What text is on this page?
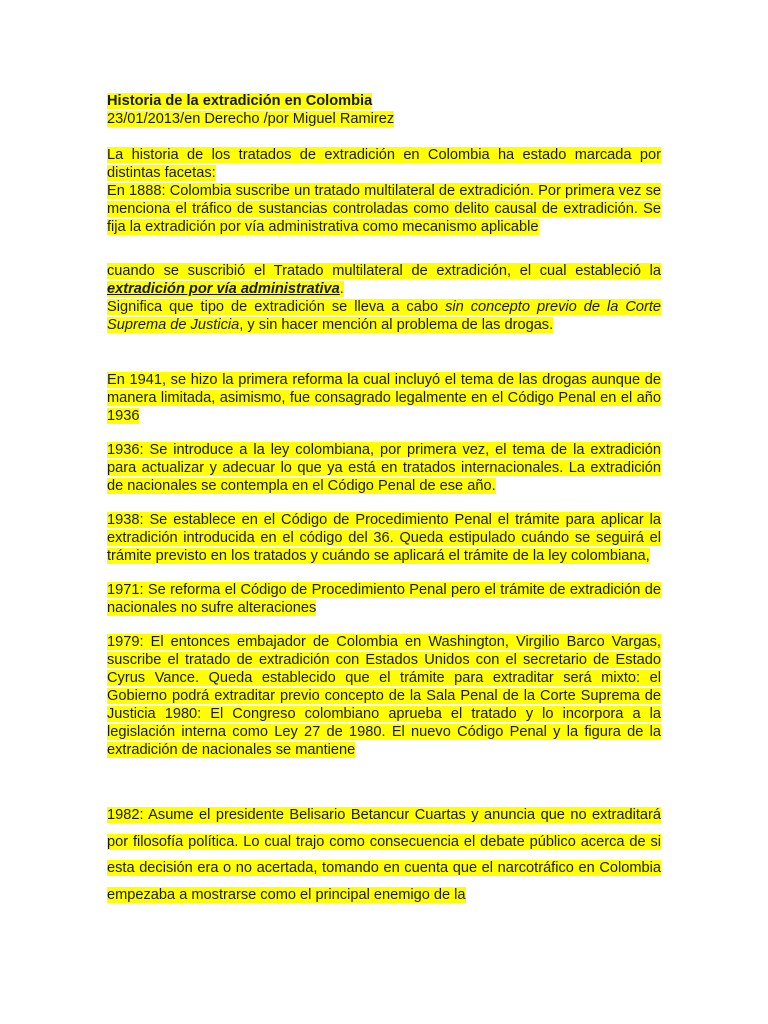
Historia de la extradición en Colombia
23/01/2013/en Derecho /por Miguel Ramirez

La historia de los tratados de extradición en Colombia ha estado marcada por distintas facetas:
En 1888: Colombia suscribe un tratado multilateral de extradición. Por primera vez se menciona el tráfico de sustancias controladas como delito causal de extradición. Se fija la extradición por vía administrativa como mecanismo aplicable

cuando se suscribió el Tratado multilateral de extradición, el cual estableció la extradición por vía administrativa.
Significa que tipo de extradición se lleva a cabo sin concepto previo de la Corte Suprema de Justicia, y sin hacer mención al problema de las drogas.

En 1941, se hizo la primera reforma la cual incluyó el tema de las drogas aunque de manera limitada, asimismo, fue consagrado legalmente en el Código Penal en el año 1936

1936: Se introduce a la ley colombiana, por primera vez, el tema de la extradición para actualizar y adecuar lo que ya está en tratados internacionales. La extradición de nacionales se contempla en el Código Penal de ese año.

1938: Se establece en el Código de Procedimiento Penal el trámite para aplicar la extradición introducida en el código del 36. Queda estipulado cuándo se seguirá el trámite previsto en los tratados y cuándo se aplicará el trámite de la ley colombiana,

1971: Se reforma el Código de Procedimiento Penal pero el trámite de extradición de nacionales no sufre alteraciones

1979: El entonces embajador de Colombia en Washington, Virgilio Barco Vargas, suscribe el tratado de extradición con Estados Unidos con el secretario de Estado Cyrus Vance. Queda establecido que el trámite para extraditar será mixto: el Gobierno podrá extraditar previo concepto de la Sala Penal de la Corte Suprema de Justicia 1980: El Congreso colombiano aprueba el tratado y lo incorpora a la legislación interna como Ley 27 de 1980. El nuevo Código Penal y la figura de la extradición de nacionales se mantiene

1982: Asume el presidente Belisario Betancur Cuartas y anuncia que no extraditará por filosofía política. Lo cual trajo como consecuencia el debate público acerca de si esta decisión era o no acertada, tomando en cuenta que el narcotráfico en Colombia empezaba a mostrarse como el principal enemigo de la
